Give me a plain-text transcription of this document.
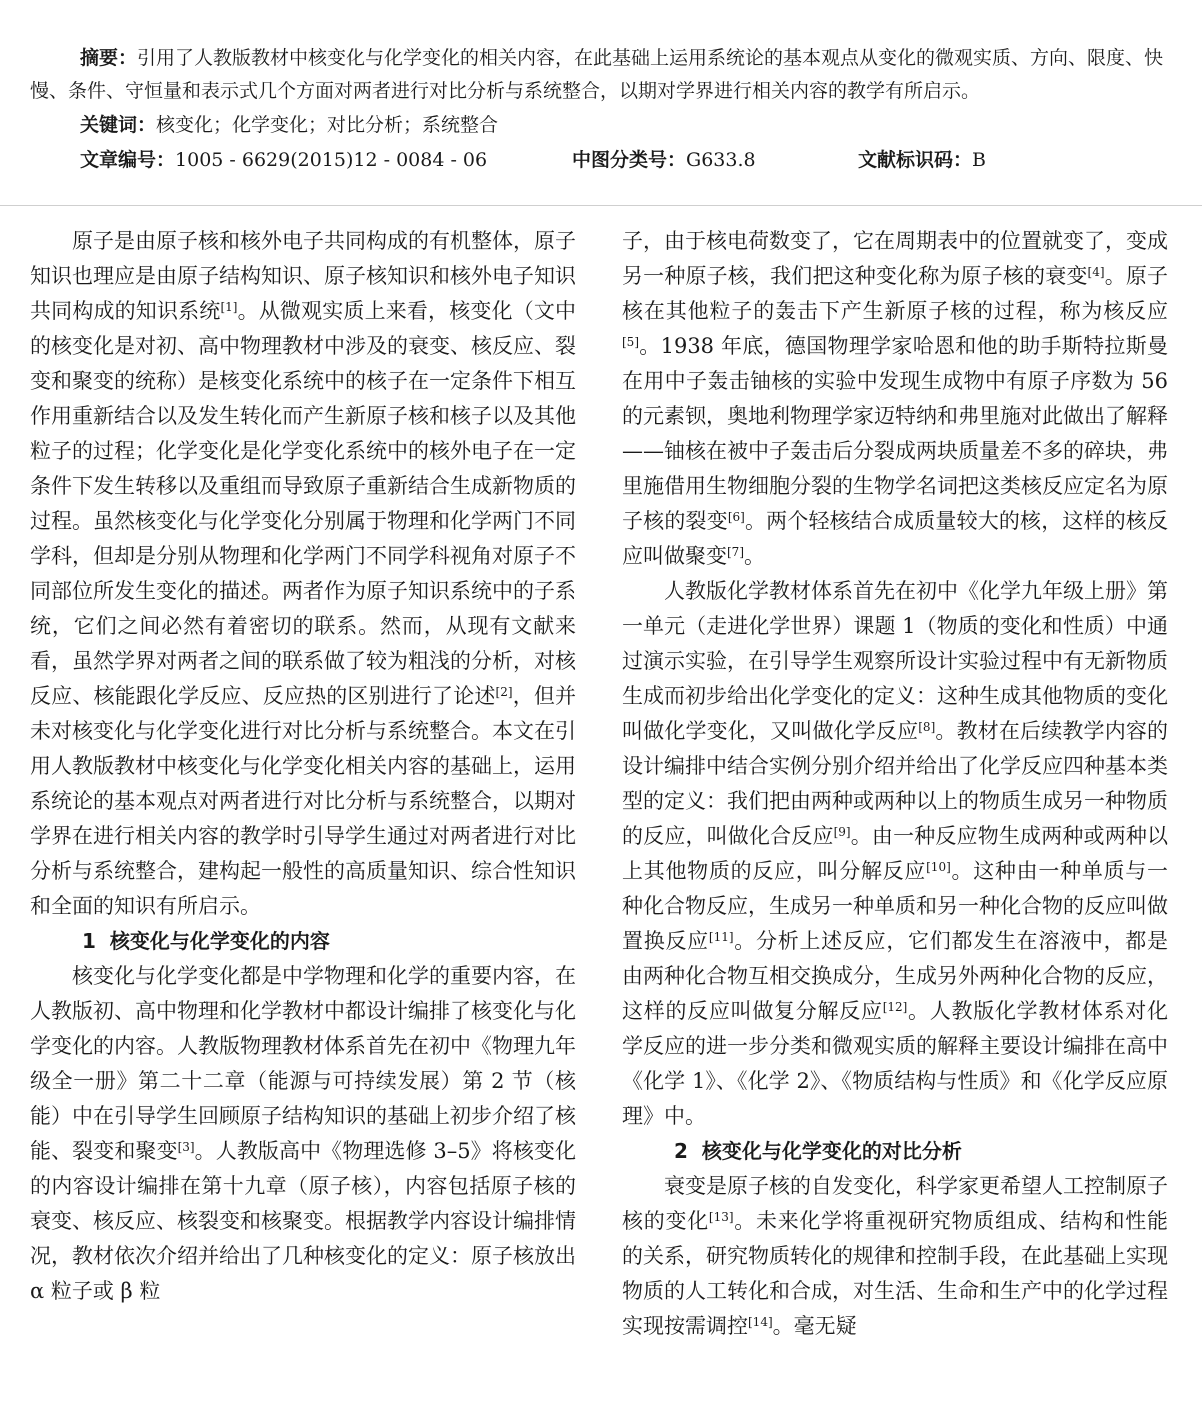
摘要：引用了人教版教材中核变化与化学变化的相关内容，在此基础上运用系统论的基本观点从变化的微观实质、方向、限度、快慢、条件、守恒量和表示式几个方面对两者进行对比分析与系统整合，以期对学界进行相关内容的教学有所启示。
关键词：核变化；化学变化；对比分析；系统整合
文章编号：1005 - 6629(2015)12 - 0084 - 06	中图分类号：G633.8	文献标识码：B

原子是由原子核和核外电子共同构成的有机整体，原子知识也理应是由原子结构知识、原子核知识和核外电子知识共同构成的知识系统[1]。从微观实质上来看，核变化（文中的核变化是对初、高中物理教材中涉及的衰变、核反应、裂变和聚变的统称）是核变化系统中的核子在一定条件下相互作用重新结合以及发生转化而产生新原子核和核子以及其他粒子的过程；化学变化是化学变化系统中的核外电子在一定条件下发生转移以及重组而导致原子重新结合生成新物质的过程。虽然核变化与化学变化分别属于物理和化学两门不同学科，但却是分别从物理和化学两门不同学科视角对原子不同部位所发生变化的描述。两者作为原子知识系统中的子系统，它们之间必然有着密切的联系。然而，从现有文献来看，虽然学界对两者之间的联系做了较为粗浅的分析，对核反应、核能跟化学反应、反应热的区别进行了论述[2]，但并未对核变化与化学变化进行对比分析与系统整合。本文在引用人教版教材中核变化与化学变化相关内容的基础上，运用系统论的基本观点对两者进行对比分析与系统整合，以期对学界在进行相关内容的教学时引导学生通过对两者进行对比分析与系统整合，建构起一般性的高质量知识、综合性知识和全面的知识有所启示。

1 核变化与化学变化的内容

核变化与化学变化都是中学物理和化学的重要内容，在人教版初、高中物理和化学教材中都设计编排了核变化与化学变化的内容。人教版物理教材体系首先在初中《物理九年级全一册》第二十二章（能源与可持续发展）第 2 节（核能）中在引导学生回顾原子结构知识的基础上初步介绍了核能、裂变和聚变[3]。人教版高中《物理选修 3–5》将核变化的内容设计编排在第十九章（原子核），内容包括原子核的衰变、核反应、核裂变和核聚变。根据教学内容设计编排情况，教材依次介绍并给出了几种核变化的定义：原子核放出 α 粒子或 β 粒

子，由于核电荷数变了，它在周期表中的位置就变了，变成另一种原子核，我们把这种变化称为原子核的衰变[4]。原子核在其他粒子的轰击下产生新原子核的过程，称为核反应[5]。1938 年底，德国物理学家哈恩和他的助手斯特拉斯曼在用中子轰击铀核的实验中发现生成物中有原子序数为 56 的元素钡，奥地利物理学家迈特纳和弗里施对此做出了解释——铀核在被中子轰击后分裂成两块质量差不多的碎块，弗里施借用生物细胞分裂的生物学名词把这类核反应定名为原子核的裂变[6]。两个轻核结合成质量较大的核，这样的核反应叫做聚变[7]。

人教版化学教材体系首先在初中《化学九年级上册》第一单元（走进化学世界）课题 1（物质的变化和性质）中通过演示实验，在引导学生观察所设计实验过程中有无新物质生成而初步给出化学变化的定义：这种生成其他物质的变化叫做化学变化，又叫做化学反应[8]。教材在后续教学内容的设计编排中结合实例分别介绍并给出了化学反应四种基本类型的定义：我们把由两种或两种以上的物质生成另一种物质的反应，叫做化合反应[9]。由一种反应物生成两种或两种以上其他物质的反应，叫分解反应[10]。这种由一种单质与一种化合物反应，生成另一种单质和另一种化合物的反应叫做置换反应[11]。分析上述反应，它们都发生在溶液中，都是由两种化合物互相交换成分，生成另外两种化合物的反应，这样的反应叫做复分解反应[12]。人教版化学教材体系对化学反应的进一步分类和微观实质的解释主要设计编排在高中《化学 1》、《化学 2》、《物质结构与性质》和《化学反应原理》中。

2 核变化与化学变化的对比分析

衰变是原子核的自发变化，科学家更希望人工控制原子核的变化[13]。未来化学将重视研究物质组成、结构和性能的关系，研究物质转化的规律和控制手段，在此基础上实现物质的人工转化和合成，对生活、生命和生产中的化学过程实现按需调控[14]。毫无疑
